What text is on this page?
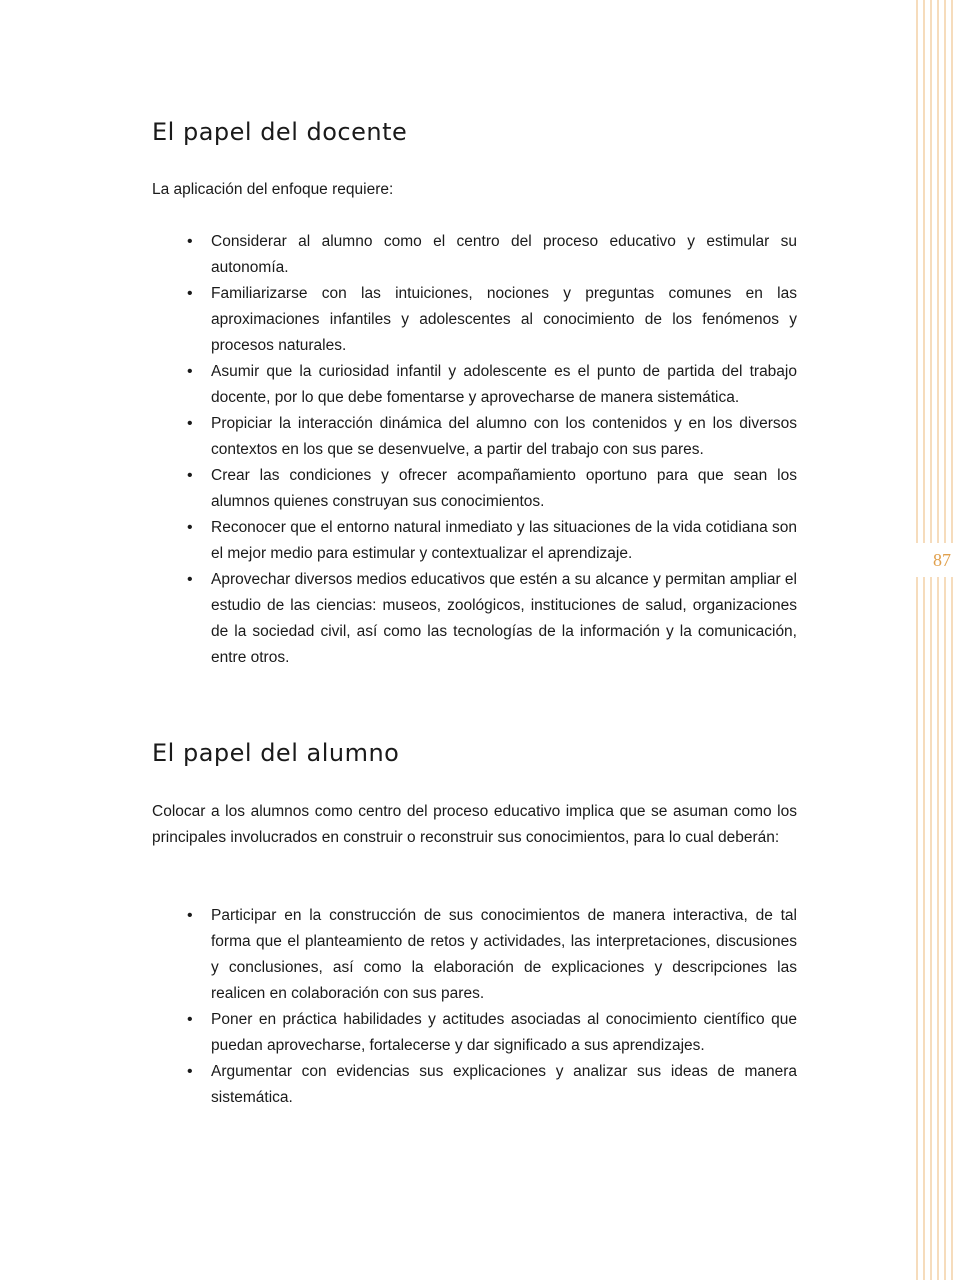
87
El papel del docente

La aplicación del enfoque requiere:

• Considerar al alumno como el centro del proceso educativo y estimular su autonomía.
• Familiarizarse con las intuiciones, nociones y preguntas comunes en las aproximaciones infantiles y adolescentes al conocimiento de los fenómenos y procesos naturales.
• Asumir que la curiosidad infantil y adolescente es el punto de partida del trabajo docente, por lo que debe fomentarse y aprovecharse de manera sistemática.
• Propiciar la interacción dinámica del alumno con los contenidos y en los diversos contextos en los que se desenvuelve, a partir del trabajo con sus pares.
• Crear las condiciones y ofrecer acompañamiento oportuno para que sean los alumnos quienes construyan sus conocimientos.
• Reconocer que el entorno natural inmediato y las situaciones de la vida cotidiana son el mejor medio para estimular y contextualizar el aprendizaje.
• Aprovechar diversos medios educativos que estén a su alcance y permitan ampliar el estudio de las ciencias: museos, zoológicos, instituciones de salud, organizaciones de la sociedad civil, así como las tecnologías de la información y la comunicación, entre otros.
El papel del alumno

Colocar a los alumnos como centro del proceso educativo implica que se asuman como los principales involucrados en construir o reconstruir sus conocimientos, para lo cual deberán:

• Participar en la construcción de sus conocimientos de manera interactiva, de tal forma que el planteamiento de retos y actividades, las interpretaciones, discusiones y conclusiones, así como la elaboración de explicaciones y descripciones las realicen en colaboración con sus pares.
• Poner en práctica habilidades y actitudes asociadas al conocimiento científico que puedan aprovecharse, fortalecerse y dar significado a sus aprendizajes.
• Argumentar con evidencias sus explicaciones y analizar sus ideas de manera sistemática.
